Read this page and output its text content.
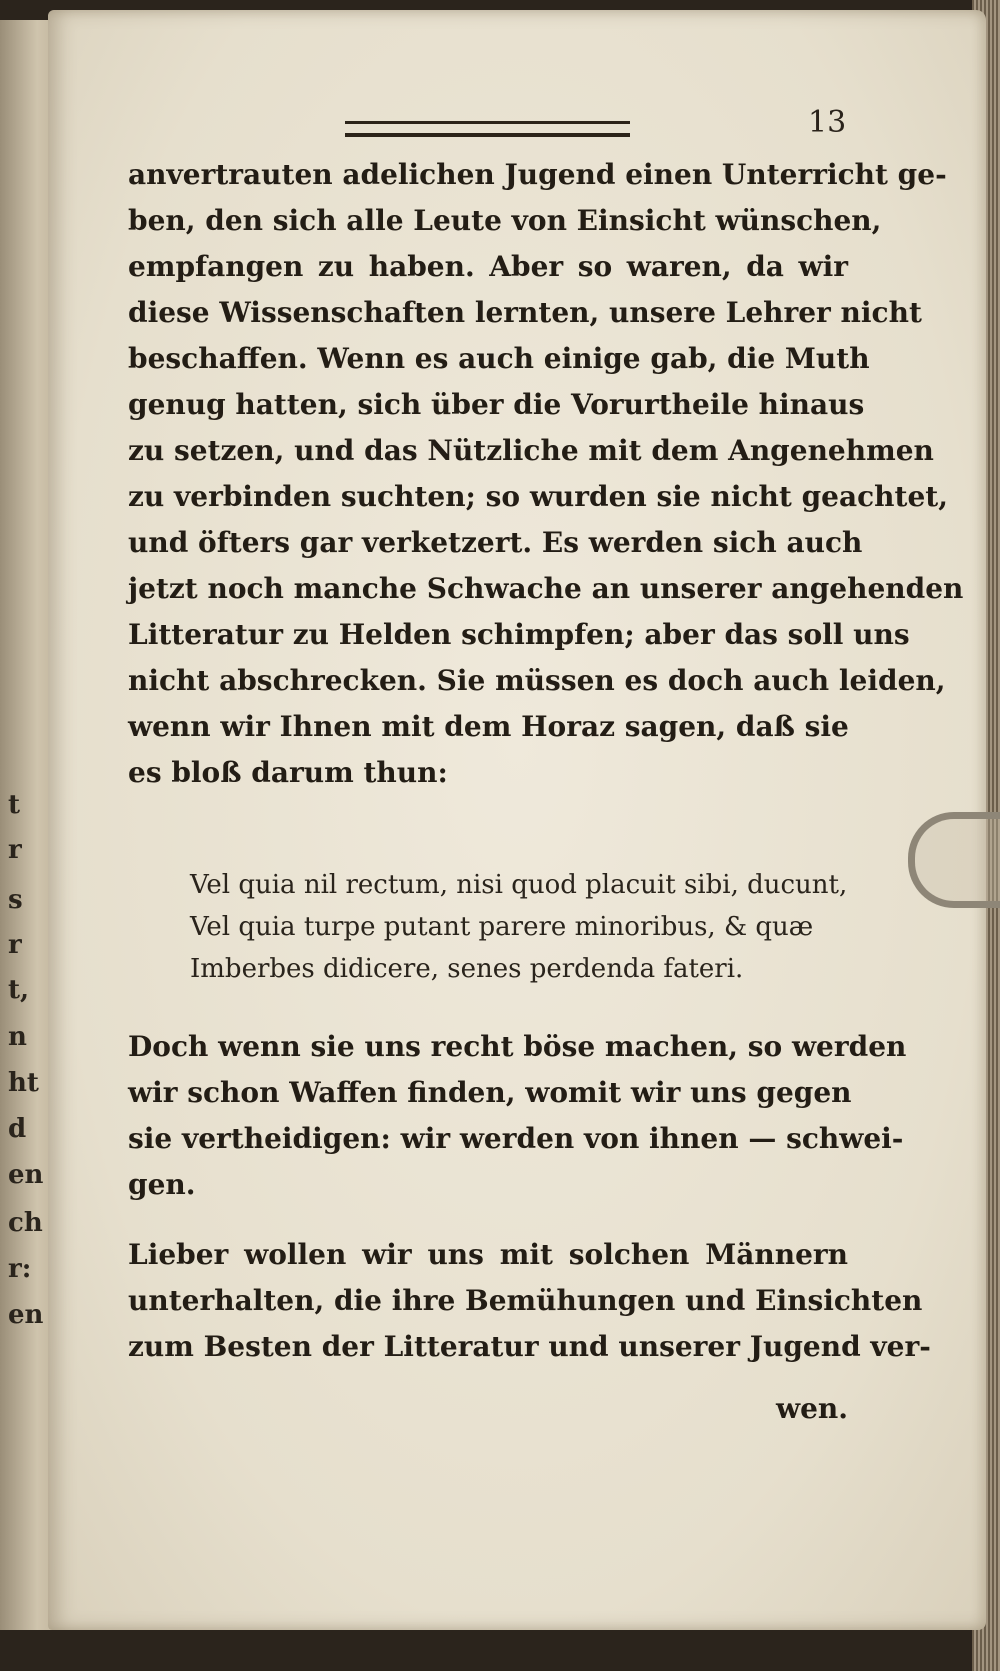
t

r

s

r

t,

n

ht

d

en

ch

r:

en

13

anvertrauten adelichen Jugend einen Unterricht ge-

ben, den sich alle Leute von Einsicht wünschen,

empfangen zu haben. Aber so waren, da wir

diese Wissenschaften lernten, unsere Lehrer nicht

beschaffen. Wenn es auch einige gab, die Muth

genug hatten, sich über die Vorurtheile hinaus

zu setzen, und das Nützliche mit dem Angenehmen

zu verbinden suchten; so wurden sie nicht geachtet,

und öfters gar verketzert. Es werden sich auch

jetzt noch manche Schwache an unserer angehenden

Litteratur zu Helden schimpfen; aber das soll uns

nicht abschrecken. Sie müssen es doch auch leiden,

wenn wir Ihnen mit dem Horaz sagen, daß sie

es bloß darum thun:

Vel quia nil rectum, nisi quod placuit sibi, ducunt,

Vel quia turpe putant parere minoribus, & quæ

Imberbes didicere, senes perdenda fateri.

Doch wenn sie uns recht böse machen, so werden

wir schon Waffen finden, womit wir uns gegen

sie vertheidigen: wir werden von ihnen — schwei-

gen.

Lieber wollen wir uns mit solchen Männern

unterhalten, die ihre Bemühungen und Einsichten

zum Besten der Litteratur und unserer Jugend ver-

wen.
